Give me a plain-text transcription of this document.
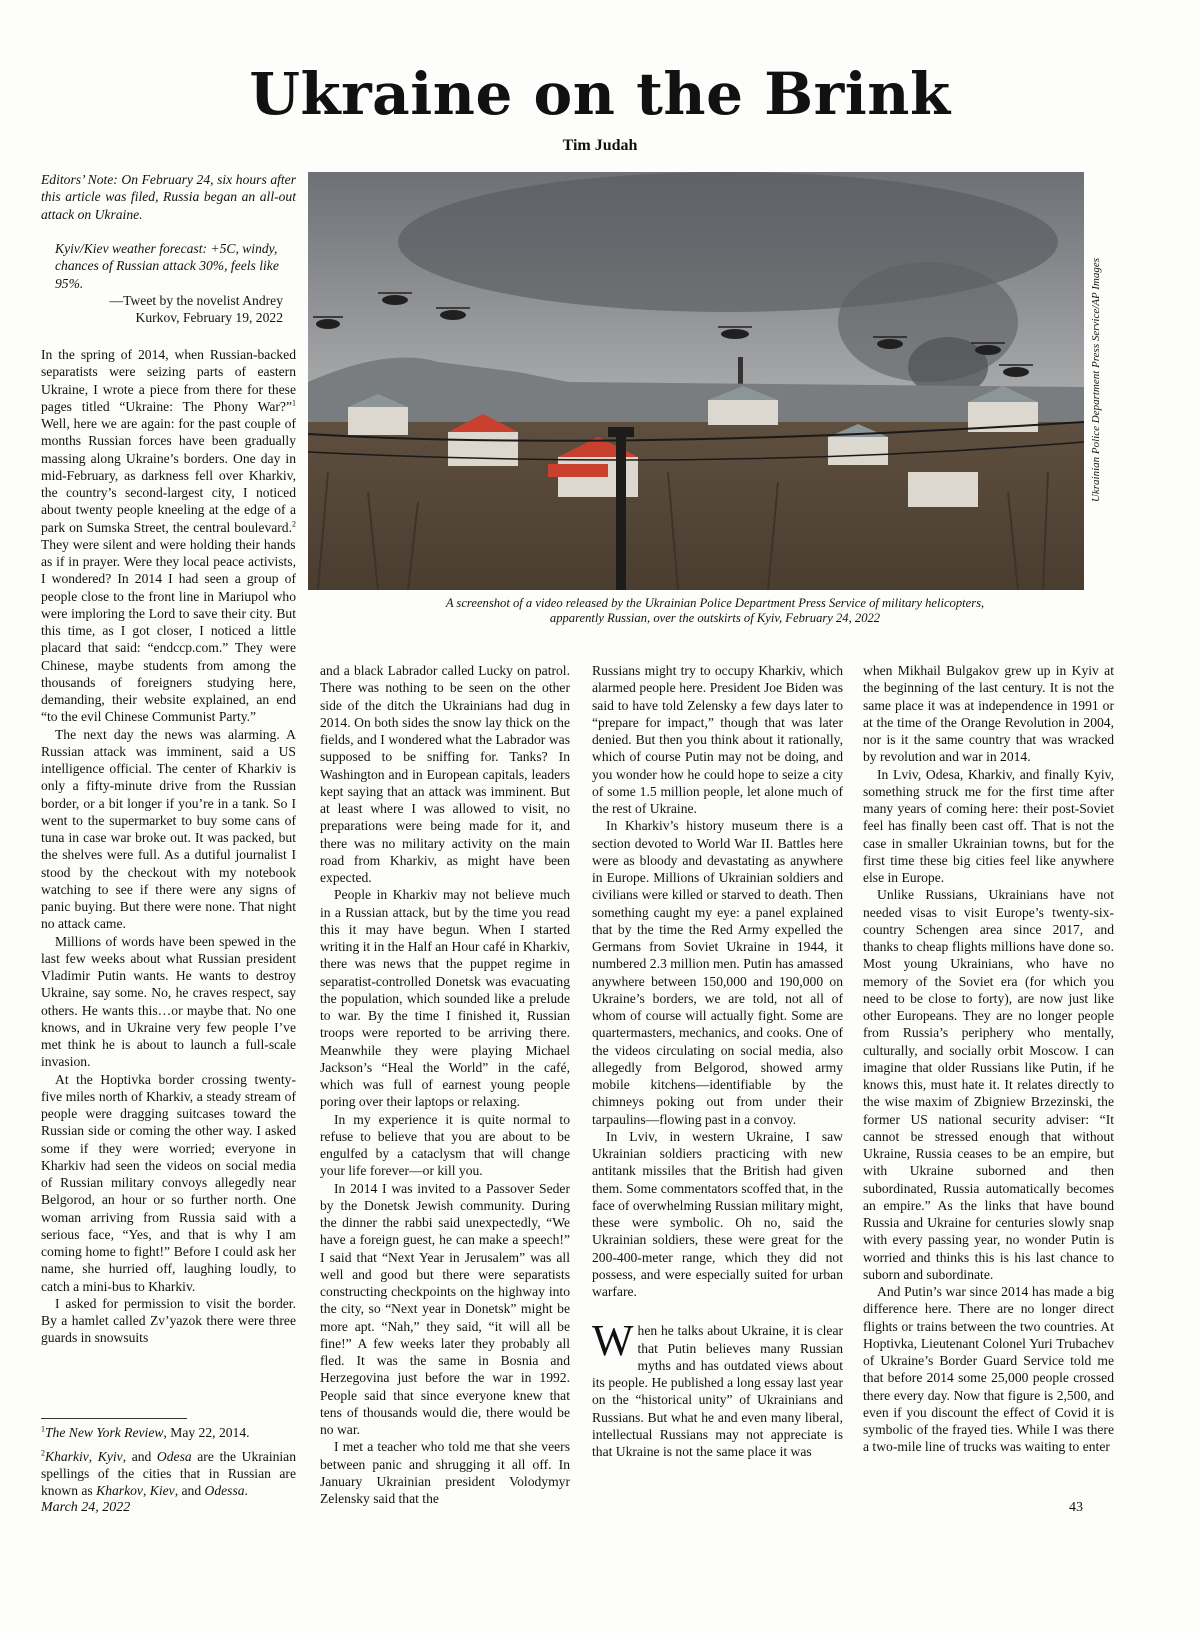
Ukraine on the Brink
Tim Judah
Editors’ Note: On February 24, six hours after this article was filed, Russia began an all-out attack on Ukraine.
Kyiv/Kiev weather forecast: +5C, windy, chances of Russian attack 30%, feels like 95%.
—Tweet by the novelist Andrey
Kurkov, February 19, 2022	Ukrainian Police Department Press Service/AP Images
A screenshot of a video released by the Ukrainian Police Department Press Service of military helicopters,
apparently Russian, over the outskirts of Kyiv, February 24, 2022

In the spring of 2014, when Russian-backed separatists were seizing parts of eastern Ukraine, I wrote a piece from there for these pages titled “Ukraine: The Phony War?”$^1$ Well, here we are again: for the past couple of months Russian forces have been gradually massing along Ukraine’s borders. One day in mid-February, as darkness fell over Kharkiv, the country’s second-largest city, I noticed about twenty people kneeling at the edge of a park on Sumska Street, the central boulevard.$^2$ They were silent and were holding their hands as if in prayer. Were they local peace activists, I wondered? In 2014 I had seen a group of people close to the front line in Mariupol who were imploring the Lord to save their city. But this time, as I got closer, I noticed a little placard that said: “endccp.com.” They were Chinese, maybe students from among the thousands of foreigners studying here, demanding, their website explained, an end “to the evil Chinese Communist Party.”

The next day the news was alarming. A Russian attack was imminent, said a US intelligence official. The center of Kharkiv is only a fifty-minute drive from the Russian border, or a bit longer if you’re in a tank. So I went to the supermarket to buy some cans of tuna in case war broke out. It was packed, but the shelves were full. As a dutiful journalist I stood by the checkout with my notebook watching to see if there were any signs of panic buying. But there were none. That night no attack came.

Millions of words have been spewed in the last few weeks about what Russian president Vladimir Putin wants. He wants to destroy Ukraine, say some. No, he craves respect, say others. He wants this…or maybe that. No one knows, and in Ukraine very few people I’ve met think he is about to launch a full-scale invasion.

At the Hoptivka border crossing twenty-five miles north of Kharkiv, a steady stream of people were dragging suitcases toward the Russian side or coming the other way. I asked some if they were worried; everyone in Kharkiv had seen the videos on social media of Russian military convoys allegedly near Belgorod, an hour or so further north. One woman arriving from Russia said with a serious face, “Yes, and that is why I am coming home to fight!” Before I could ask her name, she hurried off, laughing loudly, to catch a mini-bus to Kharkiv.

I asked for permission to visit the border. By a hamlet called Zv’yazok there were three guards in snowsuits

$^1$The New York Review, May 22, 2014.
$^2$Kharkiv, Kyiv, and Odesa are the Ukrainian spellings of the cities that in Russian are known as Kharkov, Kiev, and Odessa.

and a black Labrador called Lucky on patrol. There was nothing to be seen on the other side of the ditch the Ukrainians had dug in 2014. On both sides the snow lay thick on the fields, and I wondered what the Labrador was supposed to be sniffing for. Tanks? In Washington and in European capitals, leaders kept saying that an attack was imminent. But at least where I was allowed to visit, no preparations were being made for it, and there was no military activity on the main road from Kharkiv, as might have been expected.

People in Kharkiv may not believe much in a Russian attack, but by the time you read this it may have begun. When I started writing it in the Half an Hour café in Kharkiv, there was news that the puppet regime in separatist-controlled Donetsk was evacuating the population, which sounded like a prelude to war. By the time I finished it, Russian troops were reported to be arriving there. Meanwhile they were playing Michael Jackson’s “Heal the World” in the café, which was full of earnest young people poring over their laptops or relaxing.

In my experience it is quite normal to refuse to believe that you are about to be engulfed by a cataclysm that will change your life forever—or kill you.

In 2014 I was invited to a Passover Seder by the Donetsk Jewish community. During the dinner the rabbi said unexpectedly, “We have a foreign guest, he can make a speech!” I said that “Next Year in Jerusalem” was all well and good but there were separatists constructing checkpoints on the highway into the city, so “Next year in Donetsk” might be more apt. “Nah,” they said, “it will all be fine!” A few weeks later they probably all fled. It was the same in Bosnia and Herzegovina just before the war in 1992. People said that since everyone knew that tens of thousands would die, there would be no war.

I met a teacher who told me that she veers between panic and shrugging it all off. In January Ukrainian president Volodymyr Zelensky said that the

Russians might try to occupy Kharkiv, which alarmed people here. President Joe Biden was said to have told Zelensky a few days later to “prepare for impact,” though that was later denied. But then you think about it rationally, which of course Putin may not be doing, and you wonder how he could hope to seize a city of some 1.5 million people, let alone much of the rest of Ukraine.

In Kharkiv’s history museum there is a section devoted to World War II. Battles here were as bloody and devastating as anywhere in Europe. Millions of Ukrainian soldiers and civilians were killed or starved to death. Then something caught my eye: a panel explained that by the time the Red Army expelled the Germans from Soviet Ukraine in 1944, it numbered 2.3 million men. Putin has amassed anywhere between 150,000 and 190,000 on Ukraine’s borders, we are told, not all of whom of course will actually fight. Some are quartermasters, mechanics, and cooks. One of the videos circulating on social media, also allegedly from Belgorod, showed army mobile kitchens—identifiable by the chimneys poking out from under their tarpaulins—flowing past in a convoy.

In Lviv, in western Ukraine, I saw Ukrainian soldiers practicing with new antitank missiles that the British had given them. Some commentators scoffed that, in the face of overwhelming Russian military might, these were symbolic. Oh no, said the Ukrainian soldiers, these were great for the 200-400-meter range, which they did not possess, and were especially suited for urban warfare.

When he talks about Ukraine, it is clear that Putin believes many Russian myths and has outdated views about its people. He published a long essay last year on the “historical unity” of Ukrainians and Russians. But what he and even many liberal, intellectual Russians may not appreciate is that Ukraine is not the same place it was

when Mikhail Bulgakov grew up in Kyiv at the beginning of the last century. It is not the same place it was at independence in 1991 or at the time of the Orange Revolution in 2004, nor is it the same country that was wracked by revolution and war in 2014.

In Lviv, Odesa, Kharkiv, and finally Kyiv, something struck me for the first time after many years of coming here: their post-Soviet feel has finally been cast off. That is not the case in smaller Ukrainian towns, but for the first time these big cities feel like anywhere else in Europe.

Unlike Russians, Ukrainians have not needed visas to visit Europe’s twenty-six-country Schengen area since 2017, and thanks to cheap flights millions have done so. Most young Ukrainians, who have no memory of the Soviet era (for which you need to be close to forty), are now just like other Europeans. They are no longer people from Russia’s periphery who mentally, culturally, and socially orbit Moscow. I can imagine that older Russians like Putin, if he knows this, must hate it. It relates directly to the wise maxim of Zbigniew Brzezinski, the former US national security adviser: “It cannot be stressed enough that without Ukraine, Russia ceases to be an empire, but with Ukraine suborned and then subordinated, Russia automatically becomes an empire.” As the links that have bound Russia and Ukraine for centuries slowly snap with every passing year, no wonder Putin is worried and thinks this is his last chance to suborn and subordinate.

And Putin’s war since 2014 has made a big difference here. There are no longer direct flights or trains between the two countries. At Hoptivka, Lieutenant Colonel Yuri Trubachev of Ukraine’s Border Guard Service told me that before 2014 some 25,000 people crossed there every day. Now that figure is 2,500, and even if you discount the effect of Covid it is symbolic of the frayed ties. While I was there a two-mile line of trucks was waiting to enter

March 24, 2022	43
